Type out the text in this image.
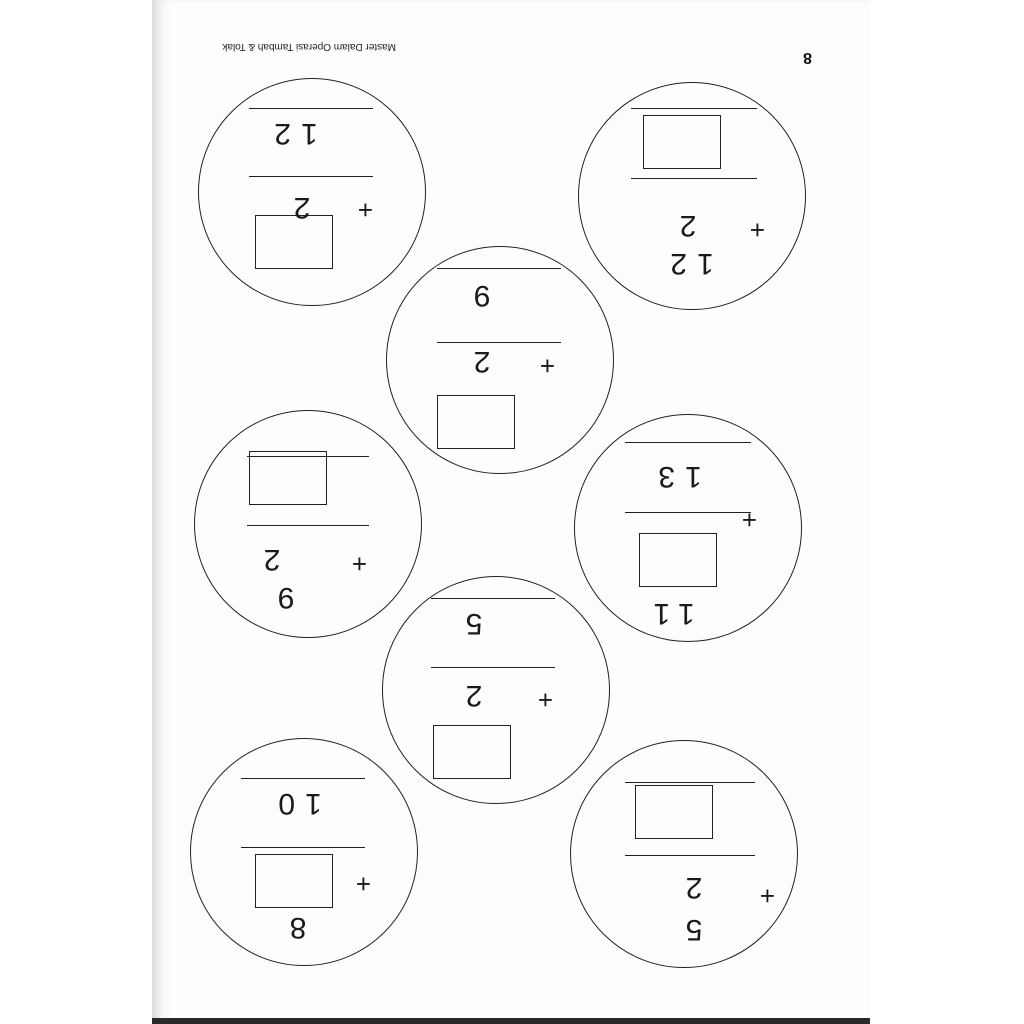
Master Dalam Operasi Tambah & Tolak
8
5
+
2
8
+
10
+
2
5	11
+
13
9
+
2
+
2
9
12
+
2
+
2
12
